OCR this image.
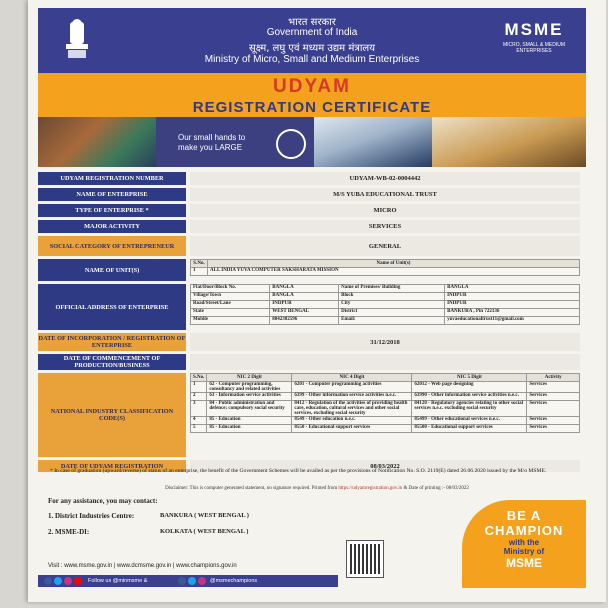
भारत सरकार
Government of India
सूक्ष्म, लघु एवं मध्यम उद्यम मंत्रालय
Ministry of Micro, Small and Medium Enterprises
MSME
MICRO, SMALL & MEDIUM ENTERPRISES
UDYAM
REGISTRATION CERTIFICATE
Our small hands to
make you LARGE
UDYAM REGISTRATION NUMBER	UDYAM-WB-02-0004442
NAME OF ENTERPRISE	M/S YUBA EDUCATIONAL TRUST
TYPE OF ENTERPRISE *	MICRO
MAJOR ACTIVITY	SERVICES
SOCIAL CATEGORY OF ENTREPRENEUR	GENERAL
NAME OF UNIT(S)
S.No.	Name of Unit(s)
1	ALL INDIA YUVA COMPUTER SAKSHARATA MISSION
OFFICIAL ADDRESS OF ENTERPRISE
Flat/Door/Block No.	BANGLA	Name of Premises/ Building	BANGLA
Village/Town	BANGLA	Block	INDPUR
Road/Street/Lane	INDPUR	City	INDPUR
State	WEST BENGAL	District	BANKURA , Pin 722136
Mobile	8042302596	Email:	yuvaeducationaltrust11@gmail.com
DATE OF INCORPORATION / REGISTRATION OF ENTERPRISE	31/12/2018
DATE OF COMMENCEMENT OF PRODUCTION/BUSINESS
NATIONAL INDUSTRY CLASSIFICATION CODE(S)
S.No.	NIC 2 Digit	NIC 4 Digit	NIC 5 Digit	Activity
1	62 - Computer programming, consultancy and related activities	6201 - Computer programming activities	62012 - Web page designing	Services
2	63 - Information service activities	6399 - Other information service activities n.e.c.	63990 - Other information service activities n.e.c.	Services
3	84 - Public administration and defence; compulsory social security	8412 - Regulation of the activities of providing health care, education, cultural services and other social services, excluding social security	84120 - Regulatory agencies relating to other social services n.e.c. excluding social security	Services
4	85 - Education	8549 - Other education n.e.c.	85499 - Other educational services n.e.c.	Services
5	85 - Education	8550 - Educational support services	85500 - Educational support services	Services
DATE OF UDYAM REGISTRATION	08/03/2022
* In case of graduation (upward/reverse) of status of an enterprise, the benefit of the Government Schemes will be availed as per the provisions of Notification No. S.O. 2119(E) dated 26.06.2020 issued by the M/o MSME.
Disclaimer: This is computer generated statement, no signature required. Printed from https://udyamregistration.gov.in & Date of printing :- 08/03/2022
For any assistance, you may contact:
1. District Industries Centre:	BANKURA ( WEST BENGAL )
2. MSME-DI:	KOLKATA ( WEST BENGAL )
BE A
CHAMPION
with the
Ministry of
MSME
Visit : www.msme.gov.in | www.dcmsme.gov.in | www.champions.gov.in
Follow us @minmsme &	@msmechampions
